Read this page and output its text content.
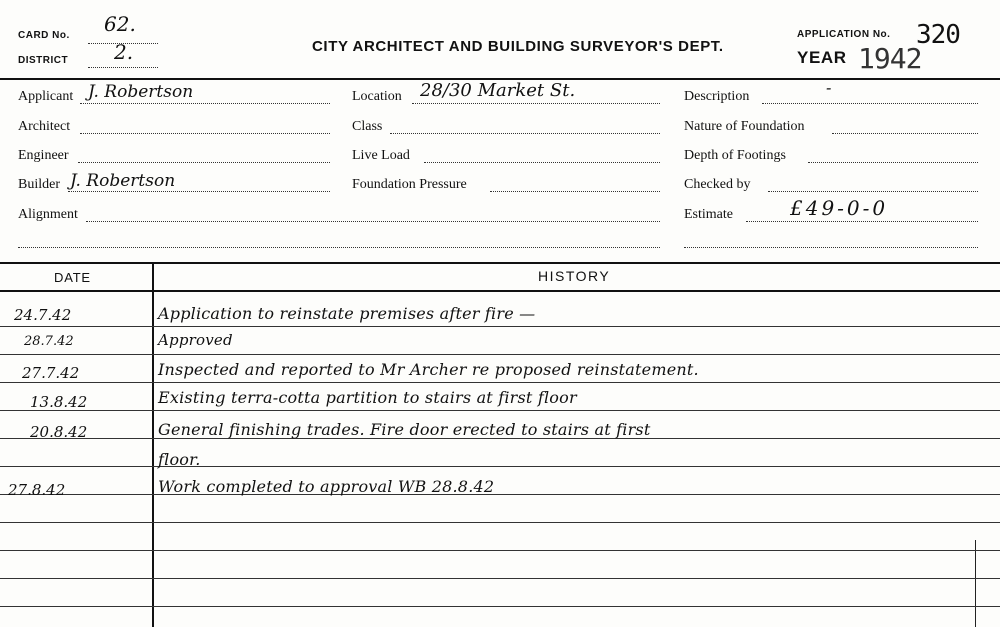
CARD No. 62.
DISTRICT 2.	CITY ARCHITECT AND BUILDING SURVEYOR'S DEPT.
APPLICATION No. 320
YEAR 1942
Applicant J. Robertson
Architect
Engineer
Builder J. Robertson
Alignment
Location 28/30 Market St.
Class
Live Load
Foundation Pressure
Description	-
Nature of Foundation
Depth of Footings
Checked by
Estimate	£49-0-0
DATE	HISTORY
24.7.42	Application to reinstate premises after fire —
28.7.42	Approved
27.7.42	Inspected and reported to Mr Archer re proposed reinstatement.
13.8.42	Existing terra-cotta partition to stairs at first floor
20.8.42	General finishing trades. Fire door erected to stairs at first
floor.
27.8.42	Work completed to approval WB 28.8.42
